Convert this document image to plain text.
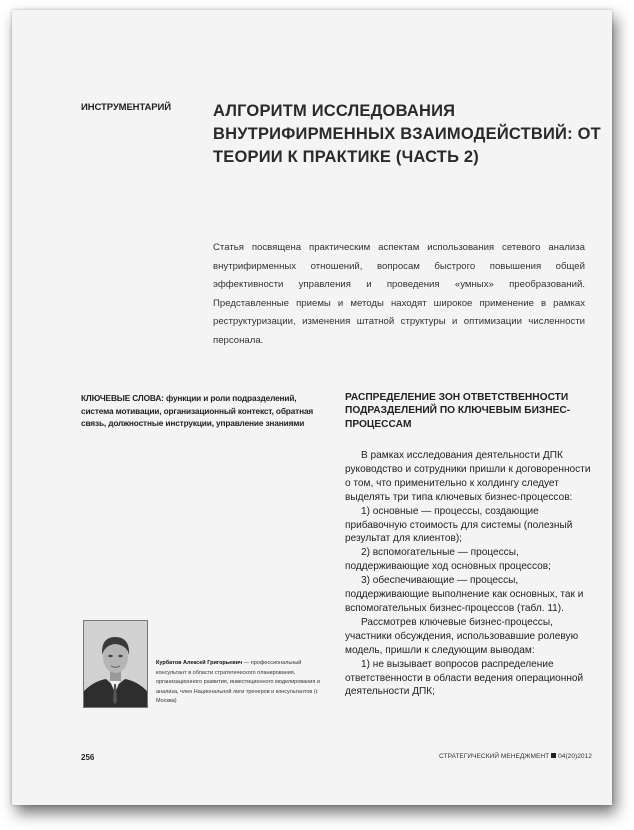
ИНСТРУМЕНТАРИЙ	АЛГОРИТМ ИССЛЕДОВАНИЯ ВНУТРИФИРМЕННЫХ ВЗАИМОДЕЙСТВИЙ: ОТ ТЕОРИИ К ПРАКТИКЕ (ЧАСТЬ 2)

Статья посвящена практическим аспектам использования сетевого анализа внутрифирменных отношений, вопросам быстрого повышения общей эффективности управления и проведения «умных» преобразований. Представленные приемы и методы находят широкое применение в рамках реструктуризации, изменения штатной структуры и оптимизации численности персонала.

КЛЮЧЕВЫЕ СЛОВА: функции и роли подразделений, система мотивации, организационный контекст, обратная связь, должностные инструкции, управление знаниями

РАСПРЕДЕЛЕНИЕ ЗОН ОТВЕТСТВЕННОСТИ ПОДРАЗДЕЛЕНИЙ ПО КЛЮЧЕВЫМ БИЗНЕС-ПРОЦЕССАМ

В рамках исследования деятельности ДПК руководство и сотрудники пришли к договоренности о том, что применительно к холдингу следует выделять три типа ключевых бизнес-процессов:

1) основные — процессы, создающие прибавочную стоимость для системы (полезный результат для клиентов);

2) вспомогательные — процессы, поддерживающие ход основных процессов;

3) обеспечивающие — процессы, поддерживающие выполнение как основных, так и вспомогательных бизнес-процессов (табл. 11).

Рассмотрев ключевые бизнес-процессы, участники обсуждения, использовавшие ролевую модель, пришли к следующим выводам:

1) не вызывает вопросов распределение ответственности в области ведения операционной деятельности ДПК;

Курбатов Алексей Григорьевич — профессиональный консультант в области стратегического планирования, организационного развития, инвестиционного моделирования и анализа, член Национальной лиги тренеров и консультантов (г. Москва)

256	СТРАТЕГИЧЕСКИЙ МЕНЕДЖМЕНТ 04(20)2012
